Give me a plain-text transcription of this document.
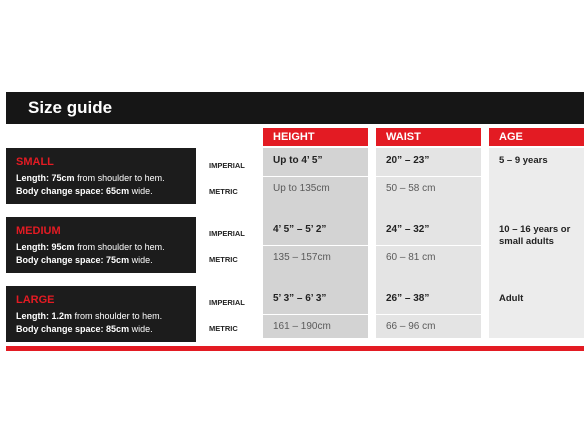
Size guide
HEIGHT	WAIST	AGE
SMALL
Length: 75cm from shoulder to hem.
Body change space: 65cm wide.
IMPERIAL
METRIC
Up to 4’ 5”
Up to 135cm
20” – 23”
50 – 58 cm
5 – 9 years
MEDIUM
Length: 95cm from shoulder to hem.
Body change space: 75cm wide.
IMPERIAL
METRIC
4’ 5” – 5’ 2”
135 – 157cm
24” – 32”
60 – 81 cm
10 – 16 years or small adults
LARGE
Length: 1.2m from shoulder to hem.
Body change space: 85cm wide.
IMPERIAL
METRIC
5’ 3” – 6’ 3”
161 – 190cm
26” – 38”
66 – 96 cm
Adult
